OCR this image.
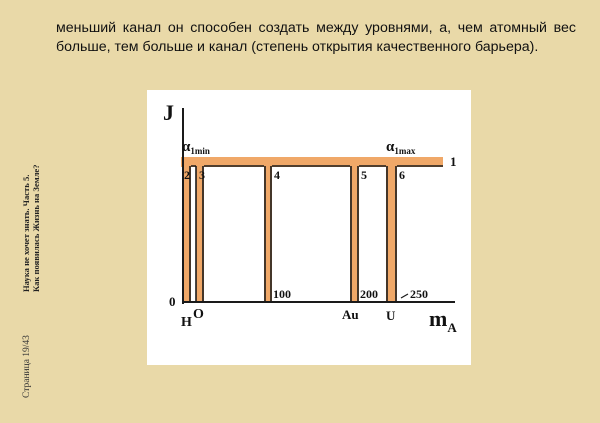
меньший канал он способен создать между уровнями, а, чем атомный вес больше, тем больше и канал (степень открытия качественного барьера).
Наука не хочет знать. Часть 5. Как появилась Жизнь на Земле?
Страница 19/43
J
$m_A$
0
$\alpha_{1min}$	$\alpha_{1max}$
1
2 3	4	5	6
100	200	250
H
O	Au U
